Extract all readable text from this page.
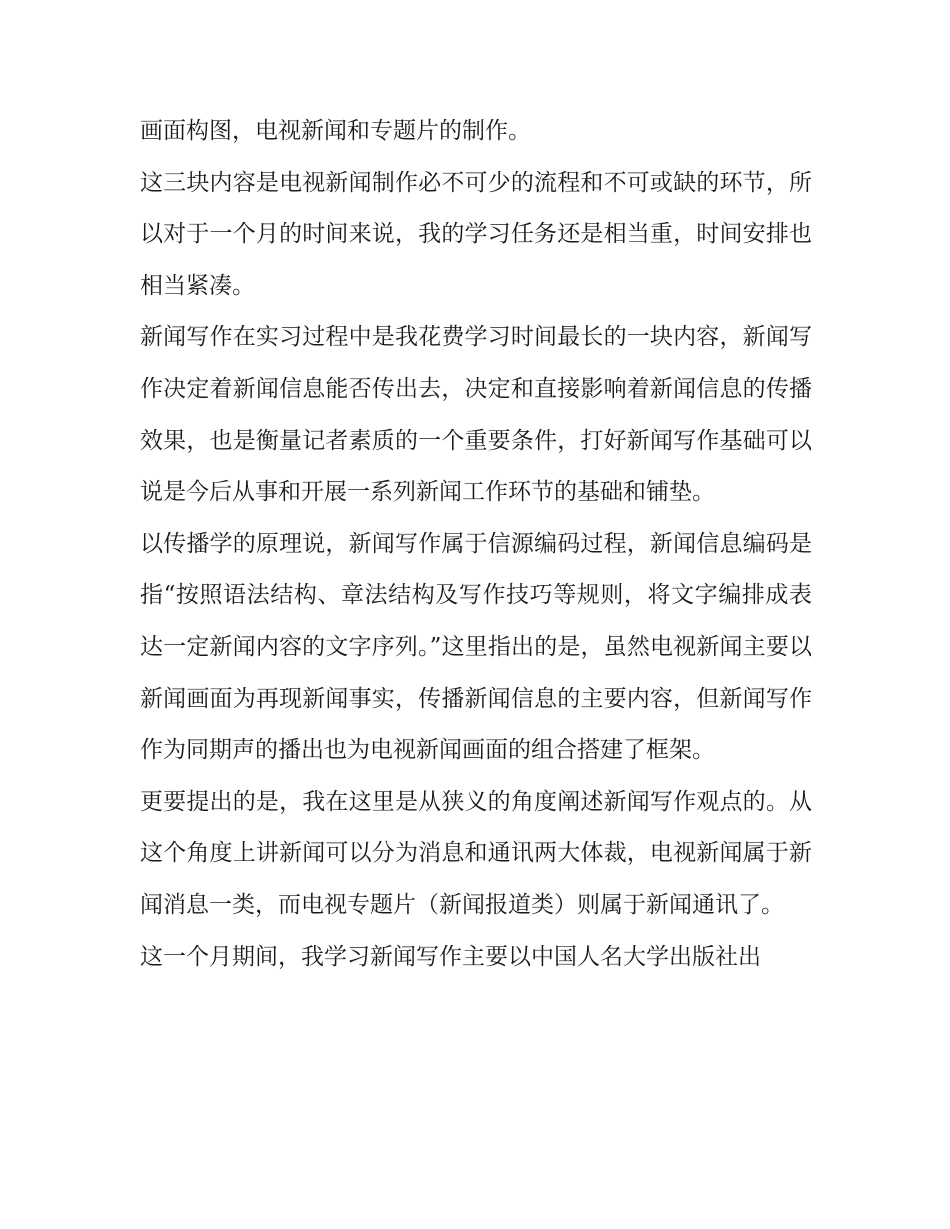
画面构图，电视新闻和专题片的制作。

这三块内容是电视新闻制作必不可少的流程和不可或缺的环节，所以对于一个月的时间来说，我的学习任务还是相当重，时间安排也相当紧凑。

新闻写作在实习过程中是我花费学习时间最长的一块内容，新闻写作决定着新闻信息能否传出去，决定和直接影响着新闻信息的传播效果，也是衡量记者素质的一个重要条件，打好新闻写作基础可以说是今后从事和开展一系列新闻工作环节的基础和铺垫。

以传播学的原理说，新闻写作属于信源编码过程，新闻信息编码是指“按照语法结构、章法结构及写作技巧等规则，将文字编排成表达一定新闻内容的文字序列。”这里指出的是，虽然电视新闻主要以新闻画面为再现新闻事实，传播新闻信息的主要内容，但新闻写作作为同期声的播出也为电视新闻画面的组合搭建了框架。

更要提出的是，我在这里是从狭义的角度阐述新闻写作观点的。从这个角度上讲新闻可以分为消息和通讯两大体裁，电视新闻属于新闻消息一类，而电视专题片（新闻报道类）则属于新闻通讯了。

这一个月期间，我学习新闻写作主要以中国人名大学出版社出
